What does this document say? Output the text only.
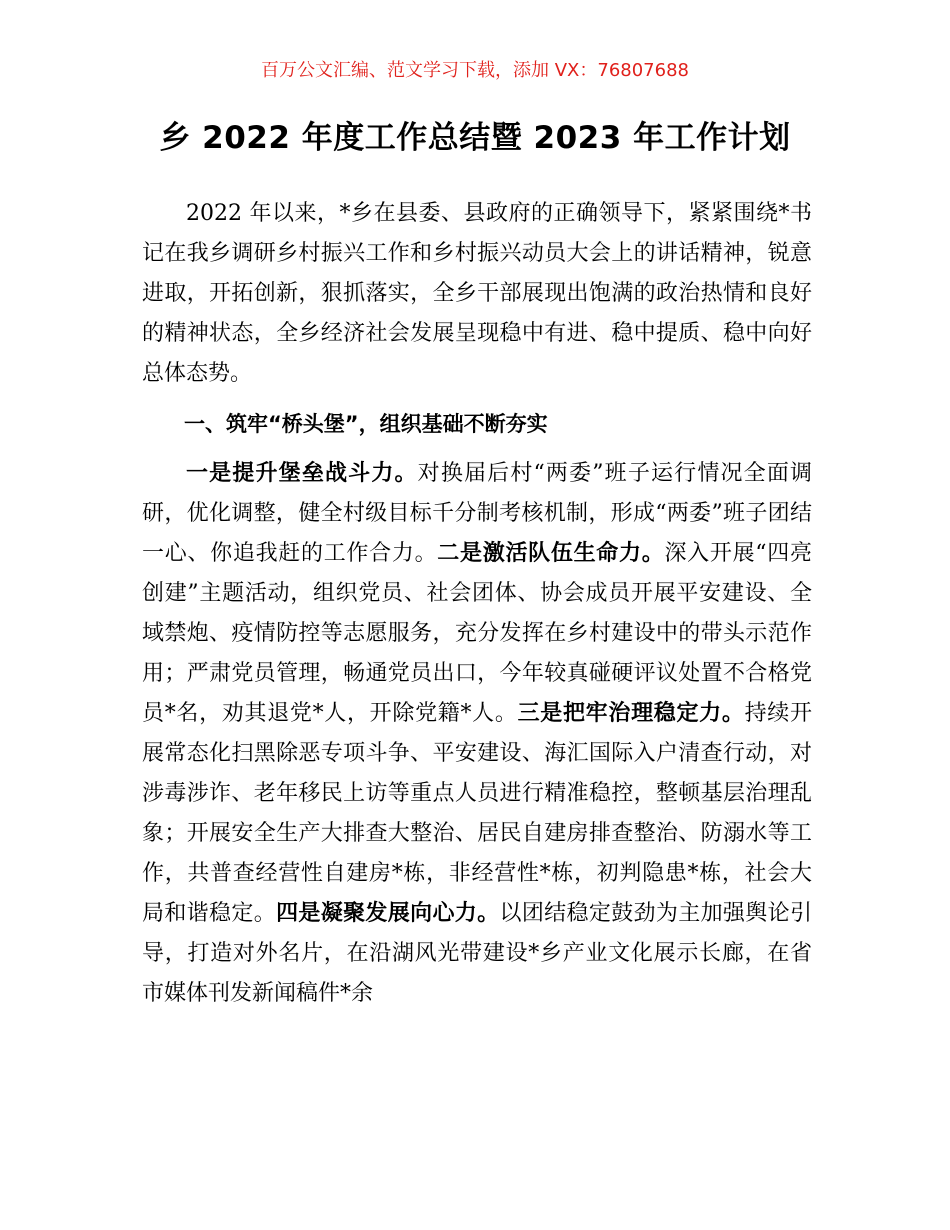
百万公文汇编、范文学习下载，添加 VX：76807688
乡 2022 年度工作总结暨 2023 年工作计划

2022 年以来，*乡在县委、县政府的正确领导下，紧紧围绕*书记在我乡调研乡村振兴工作和乡村振兴动员大会上的讲话精神，锐意进取，开拓创新，狠抓落实，全乡干部展现出饱满的政治热情和良好的精神状态，全乡经济社会发展呈现稳中有进、稳中提质、稳中向好总体态势。

一、筑牢“桥头堡”，组织基础不断夯实

一是提升堡垒战斗力。对换届后村“两委”班子运行情况全面调研，优化调整，健全村级目标千分制考核机制，形成“两委”班子团结一心、你追我赶的工作合力。二是激活队伍生命力。深入开展“四亮创建”主题活动，组织党员、社会团体、协会成员开展平安建设、全域禁炮、疫情防控等志愿服务，充分发挥在乡村建设中的带头示范作用；严肃党员管理，畅通党员出口，今年较真碰硬评议处置不合格党员*名，劝其退党*人，开除党籍*人。三是把牢治理稳定力。持续开展常态化扫黑除恶专项斗争、平安建设、海汇国际入户清查行动，对涉毒涉诈、老年移民上访等重点人员进行精准稳控，整顿基层治理乱象；开展安全生产大排查大整治、居民自建房排查整治、防溺水等工作，共普查经营性自建房*栋，非经营性*栋，初判隐患*栋，社会大局和谐稳定。四是凝聚发展向心力。以团结稳定鼓劲为主加强舆论引导，打造对外名片，在沿湖风光带建设*乡产业文化展示长廊，在省市媒体刊发新闻稿件*余
